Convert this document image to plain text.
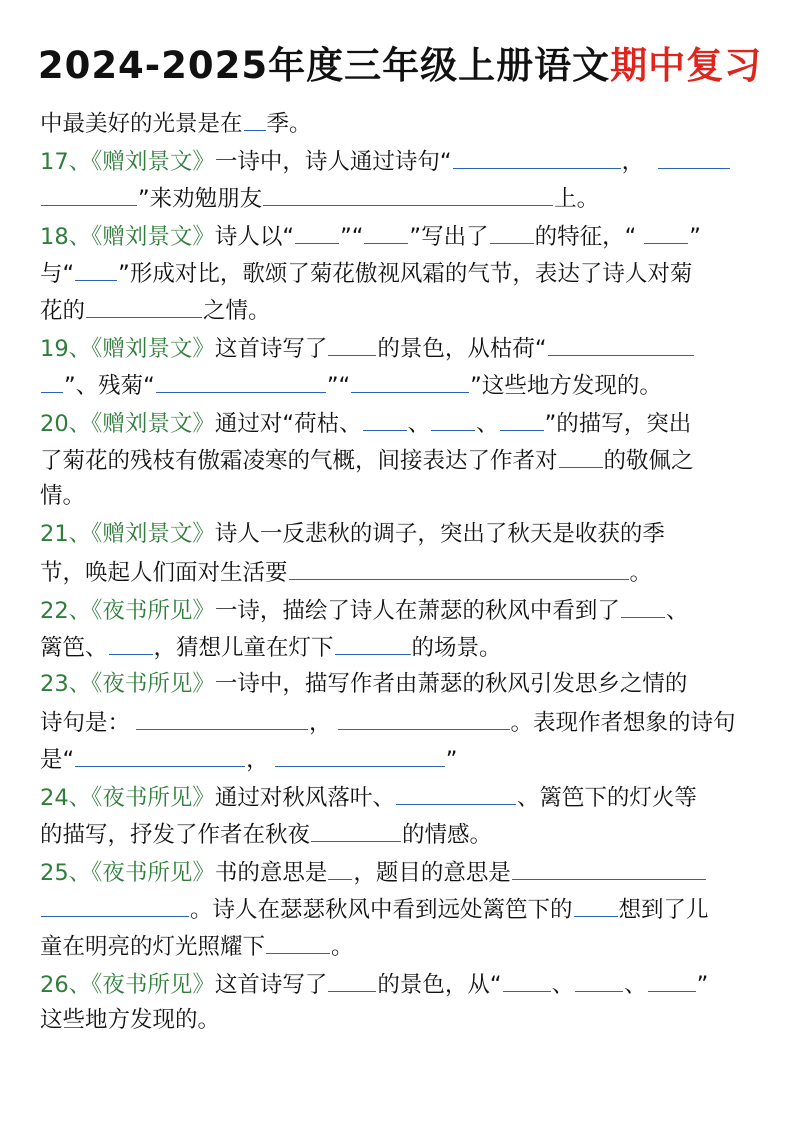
2024-2025年度三年级上册语文期中复习
中最美好的光景是在 季。
17、《赠刘景文》一诗中，诗人通过诗句“	，
”来劝勉朋友	上。
18、《赠刘景文》诗人以“ ”“ ”写出了 的特征，“ ”
与“ ”形成对比，歌颂了菊花傲视风霜的气节，表达了诗人对菊
花的	之情。
19、《赠刘景文》这首诗写了 的景色，从枯荷“
”、残菊“	”“	”这些地方发现的。
20、《赠刘景文》通过对“荷枯、 、 、 ”的描写，突出
了菊花的残枝有傲霜凌寒的气概，间接表达了作者对 的敬佩之
情。
21、《赠刘景文》诗人一反悲秋的调子，突出了秋天是收获的季
节，唤起人们面对生活要	。
22、《夜书所见》一诗，描绘了诗人在萧瑟的秋风中看到了 、
篱笆、 ，猜想儿童在灯下	的场景。
23、《夜书所见》一诗中，描写作者由萧瑟的秋风引发思乡之情的
诗句是：	，	。表现作者想象的诗句
是“	，	”
24、《夜书所见》通过对秋风落叶、	、篱笆下的灯火等
的描写，抒发了作者在秋夜	的情感。
25、《夜书所见》书的意思是 ，题目的意思是
。诗人在瑟瑟秋风中看到远处篱笆下的 想到了儿
童在明亮的灯光照耀下	。
26、《夜书所见》这首诗写了 的景色，从“ 、 、 ”
这些地方发现的。
